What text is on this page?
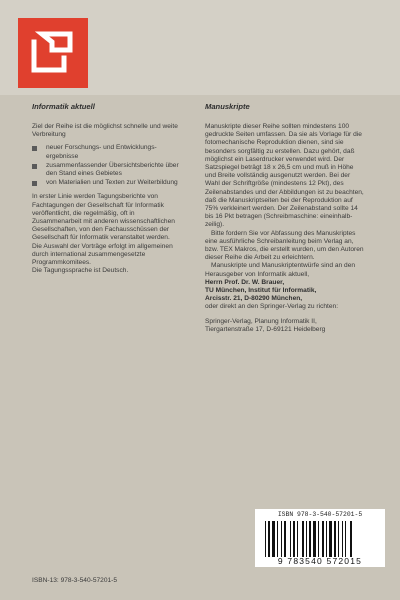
Informatik aktuell

Ziel der Reihe ist die möglichst schnelle und weite Verbreitung

neuer Forschungs- und Entwicklungs-ergebnisse
zusammenfassender Übersichtsberichte über den Stand eines Gebietes
von Materialien und Texten zur Weiterbildung

In erster Linie werden Tagungsberichte von Fachtagungen der Gesellschaft für Informatik veröffentlicht, die regelmäßig, oft in Zusammenarbeit mit anderen wissenschaftlichen Gesellschaften, von den Fachausschüssen der Gesellschaft für Informatik veranstaltet werden.

Die Auswahl der Vorträge erfolgt im allgemeinen durch international zusammengesetzte Programmkomitees.

Die Tagungssprache ist Deutsch.

Manuskripte

Manuskripte dieser Reihe sollten mindestens 100 gedruckte Seiten umfassen. Da sie als Vorlage für die fotomechanische Reproduktion dienen, sind sie besonders sorgfältig zu erstellen. Dazu gehört, daß möglichst ein Laserdrucker verwendet wird. Der Satzspiegel beträgt 18 x 26,5 cm und muß in Höhe und Breite vollständig ausgenutzt werden. Bei der Wahl der Schriftgröße (mindestens 12 Pkt), des Zeilenabstandes und der Abbildungen ist zu beachten, daß die Manuskriptseiten bei der Reproduktion auf 75% verkleinert werden. Der Zeilenabstand sollte 14 bis 16 Pkt betragen (Schreibmaschine: eineinhalb-zeilig).

Bitte fordern Sie vor Abfassung des Manuskriptes eine ausführliche Schreibanleitung beim Verlag an, bzw. TEX Makros, die erstellt wurden, um den Autoren dieser Reihe die Arbeit zu erleichtern.

Manuskripte und Manuskriptentwürfe sind an den Herausgeber von Informatik aktuell,

Herrn Prof. Dr. W. Brauer,

TU München, Institut für Informatik,

Arcisstr. 21, D-80290 München,

oder direkt an den Springer-Verlag zu richten:

Springer-Verlag, Planung Informatik II,

Tiergartenstraße 17, D-69121 Heidelberg

ISBN-13: 978-3-540-57201-5
ISBN 978-3-540-57201-5
9 783540 572015
